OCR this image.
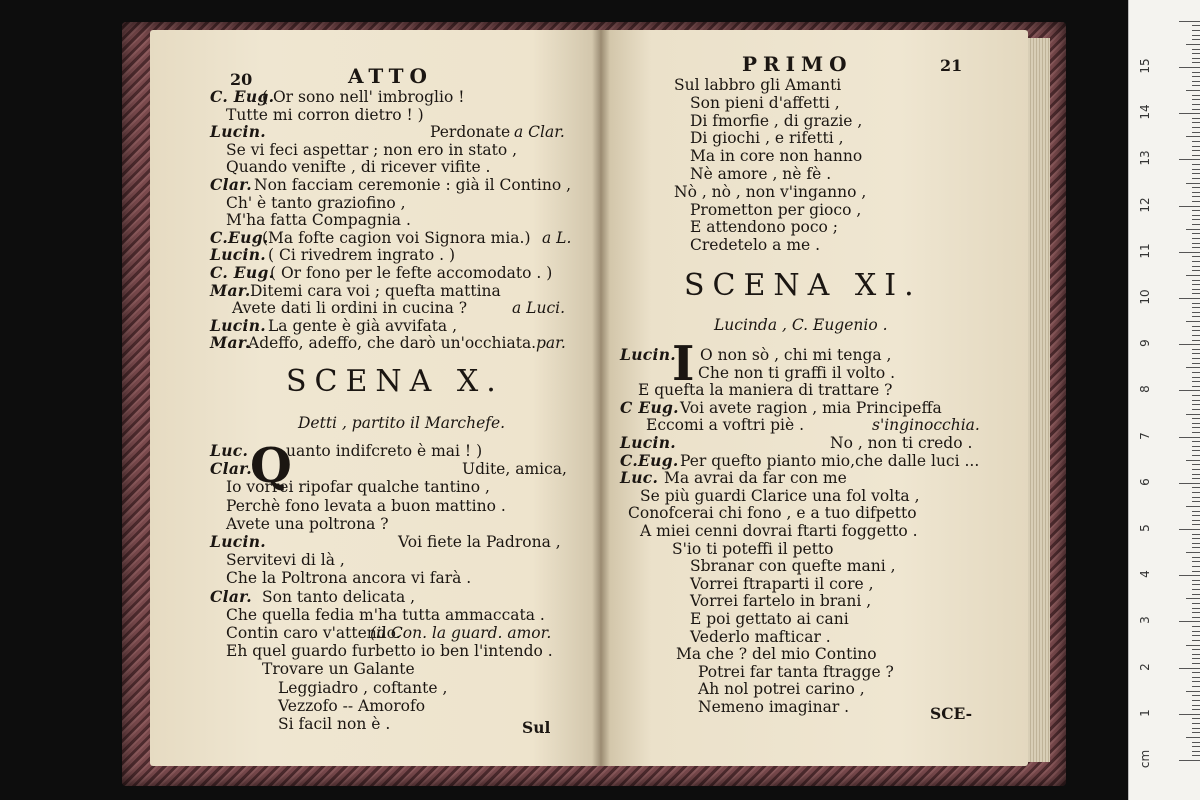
20	ATTO
C. Eug.
( Or sono nell' imbroglio !
Tutte mi corron dietro ! )
Lucin.	Perdonate a Clar.
Se vi feci aspettar ; non ero in stato ,
Quando venifte , di ricever vifite .
Clar. Non facciam ceremonie : già il Contino ,
Ch' è tanto graziofino ,
M'ha fatta Compagnia .
C.Eug.
(Ma fofte cagion voi Signora mia.) a L.
Lucin. ( Ci rivedrem ingrato . )
C. Eug.
( Or fono per le fefte accomodato . )
Mar. Ditemi cara voi ; quefta mattina
Avete dati li ordini in cucina ?	a Luci.
Lucin. La gente è già avvifata ,
Mar.
Adeffo, adeffo, che darò un'occhiata. par.
SCENA X.
Detti , partito il Marchefe.
Q
Luc. uanto indifcreto è mai ! )
Clar.	Udite, amica,
Io vorrei ripofar qualche tantino ,
Perchè fono levata a buon mattino .
Avete una poltrona ?
Lucin.	Voi fiete la Padrona ,
Servitevi di là ,
Che la Poltrona ancora vi farà .
Clar. Son tanto delicata ,
Che quella fedia m'ha tutta ammaccata .
Contin caro v'attendo.
(il Con. la guard. amor.
Eh quel guardo furbetto io ben l'intendo .
Trovare un Galante
Leggiadro , coftante ,
Vezzofo -- Amorofo
Si facil non è .	Sul
PRIMO	21
Sul labbro gli Amanti
Son pieni d'affetti ,
Di fmorfie , di grazie ,
Di giochi , e rifetti ,
Ma in core non hanno
Nè amore , nè fè .
Nò , nò , non v'inganno ,
Prometton per gioco ,
E attendono poco ;
Credetelo a me .
SCENA XI.
Lucinda , C. Eugenio .
I
Lucin. O non sò , chi mi tenga ,
Che non ti graffi il volto .
E quefta la maniera di trattare ?
C Eug. Voi avete ragion , mia Principeffa
Eccomi a voftri piè .	s'inginocchia.
Lucin.	No , non ti credo .
C.Eug. Per quefto pianto mio,che dalle luci ...
Luc. Ma avrai da far con me
Se più guardi Clarice una fol volta ,
Conofcerai chi fono , e a tuo difpetto
A miei cenni dovrai ftarti foggetto .
S'io ti poteffi il petto
Sbranar con quefte mani ,
Vorrei ftraparti il core ,
Vorrei fartelo in brani ,
E poi gettato ai cani
Vederlo mafticar .
Ma che ? del mio Contino
Potrei far tanta ftragge ?
Ah nol potrei carino ,
Nemeno imaginar .	SCE-
cm
1
2
3
4
5
6
7
8
9
10
11
12
13
14
15
